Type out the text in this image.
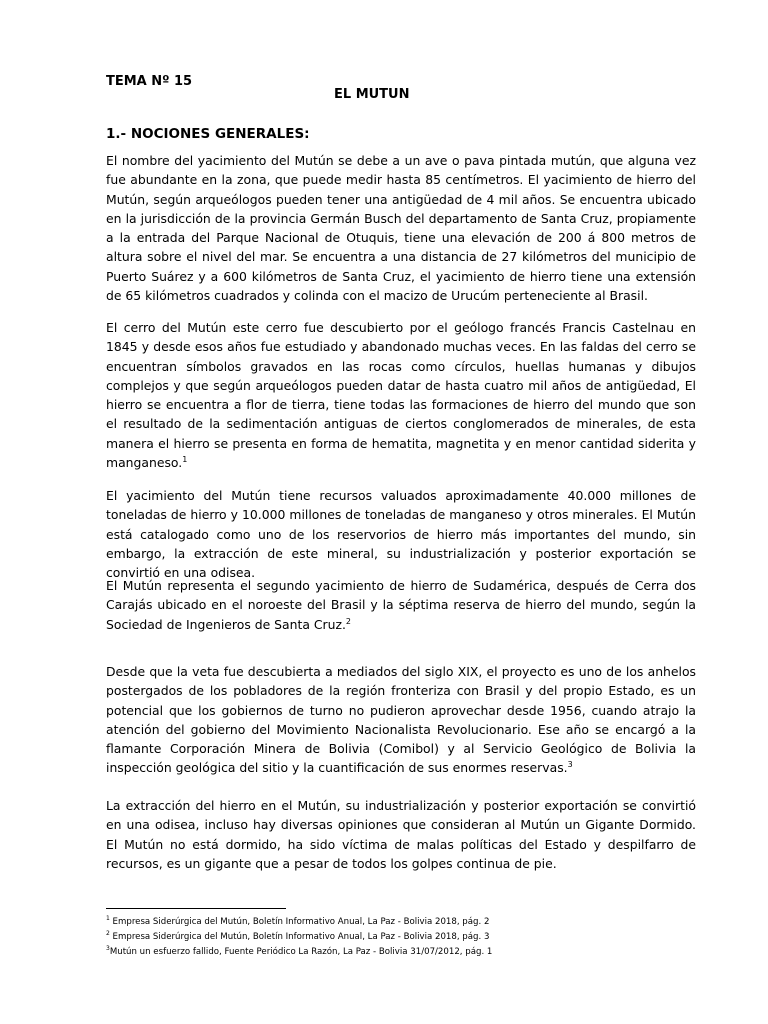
TEMA Nº 15
EL MUTUN
1.- NOCIONES GENERALES:

El nombre del yacimiento del Mutún se debe a un ave o pava pintada mutún, que alguna vez fue abundante en la zona, que puede medir hasta 85 centímetros. El yacimiento de hierro del Mutún, según arqueólogos pueden tener una antigüedad de 4 mil años. Se encuentra ubicado en la jurisdicción de la provincia Germán Busch del departamento de Santa Cruz, propiamente a la entrada del Parque Nacional de Otuquis, tiene una elevación de 200 á 800 metros de altura sobre el nivel del mar. Se encuentra a una distancia de 27 kilómetros del municipio de Puerto Suárez y a 600 kilómetros de Santa Cruz, el yacimiento de hierro tiene una extensión de 65 kilómetros cuadrados y colinda con el macizo de Urucúm perteneciente al Brasil.

El cerro del Mutún este cerro fue descubierto por el geólogo francés Francis Castelnau en 1845 y desde esos años fue estudiado y abandonado muchas veces. En las faldas del cerro se encuentran símbolos gravados en las rocas como círculos, huellas humanas y dibujos complejos y que según arqueólogos pueden datar de hasta cuatro mil años de antigüedad, El hierro se encuentra a flor de tierra, tiene todas las formaciones de hierro del mundo que son el resultado de la sedimentación antiguas de ciertos conglomerados de minerales, de esta manera el hierro se presenta en forma de hematita, magnetita y en menor cantidad siderita y manganeso.$^1$

El yacimiento del Mutún tiene recursos valuados aproximadamente 40.000 millones de toneladas de hierro y 10.000 millones de toneladas de manganeso y otros minerales. El Mutún está catalogado como uno de los reservorios de hierro más importantes del mundo, sin embargo, la extracción de este mineral, su industrialización y posterior exportación se convirtió en una odisea.

El Mutún representa el segundo yacimiento de hierro de Sudamérica, después de Cerra dos Carajás ubicado en el noroeste del Brasil y la séptima reserva de hierro del mundo, según la Sociedad de Ingenieros de Santa Cruz.$^2$

Desde que la veta fue descubierta a mediados del siglo XIX, el proyecto es uno de los anhelos postergados de los pobladores de la región fronteriza con Brasil y del propio Estado, es un potencial que los gobiernos de turno no pudieron aprovechar desde 1956, cuando atrajo la atención del gobierno del Movimiento Nacionalista Revolucionario. Ese año se encargó a la flamante Corporación Minera de Bolivia (Comibol) y al Servicio Geológico de Bolivia la inspección geológica del sitio y la cuantificación de sus enormes reservas.$^3$

La extracción del hierro en el Mutún, su industrialización y posterior exportación se convirtió en una odisea, incluso hay diversas opiniones que consideran al Mutún un Gigante Dormido. El Mutún no está dormido, ha sido víctima de malas políticas del Estado y despilfarro de recursos, es un gigante que a pesar de todos los golpes continua de pie.

$^1$ Empresa Siderúrgica del Mutún, Boletín Informativo Anual, La Paz - Bolivia 2018, pág. 2
$^2$ Empresa Siderúrgica del Mutún, Boletín Informativo Anual, La Paz - Bolivia 2018, pág. 3
$^3$Mutún un esfuerzo fallido, Fuente Periódico La Razón, La Paz - Bolivia 31/07/2012, pág. 1
